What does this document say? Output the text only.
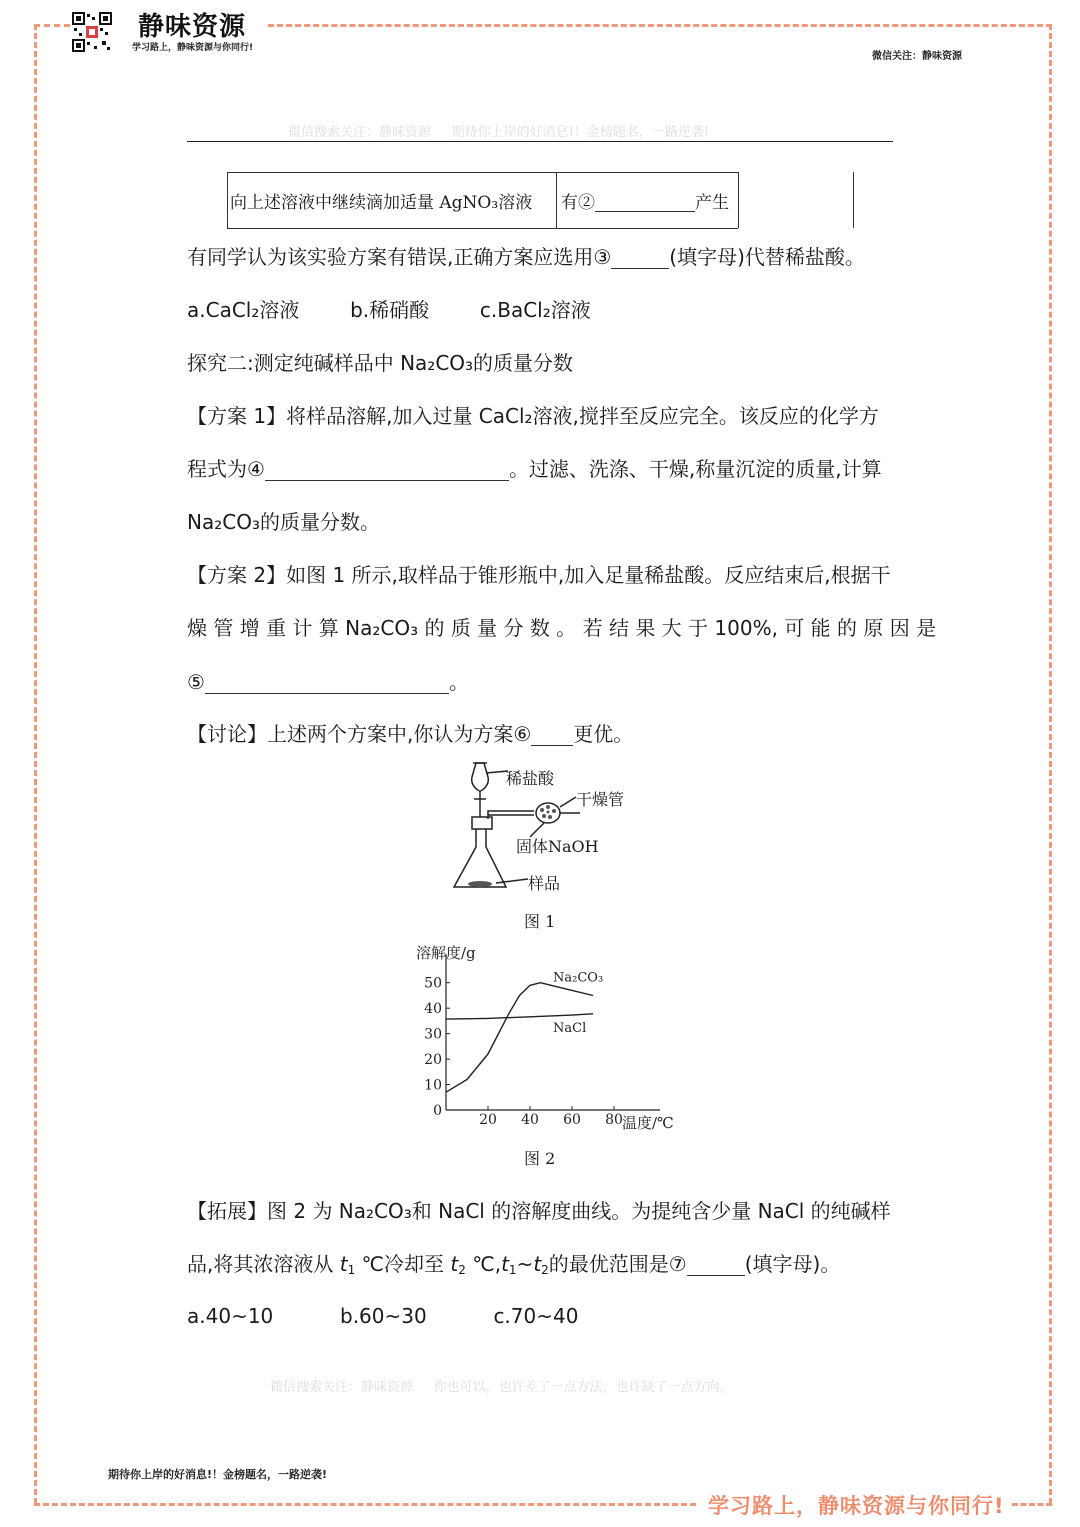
静味资源
学习路上，静味资源与你同行!
微信关注：静味资源
微信搜索关注：静味资源     期待你上岸的好消息!！金榜题名，一路逆袭!
向上述溶液中继续滴加适量 AgNO₃溶液	有②	产生
有同学认为该实验方案有错误,正确方案应选用③	(填字母)代替稀盐酸。
a.CaCl₂溶液	b.稀硝酸	c.BaCl₂溶液
探究二:测定纯碱样品中 Na₂CO₃的质量分数
【方案 1】将样品溶解,加入过量 CaCl₂溶液,搅拌至反应完全。该反应的化学方
程式为④	。过滤、洗涤、干燥,称量沉淀的质量,计算
Na₂CO₃的质量分数。
【方案 2】如图 1 所示,取样品于锥形瓶中,加入足量稀盐酸。反应结束后,根据干
燥 管 增 重 计 算 Na₂CO₃ 的 质 量 分 数 。 若 结 果 大 于 100%, 可 能 的 原 因 是
⑤	。
【讨论】上述两个方案中,你认为方案⑥ 更优。
稀盐酸
干燥管
固体NaOH
样品
图 1
0
10
20
30
40
50
20 40 60 80
溶解度/g
温度/℃
Na₂CO₃
NaCl
图 2
【拓展】图 2 为 Na₂CO₃和 NaCl 的溶解度曲线。为提纯含少量 NaCl 的纯碱样
品,将其浓溶液从 $t_1$ ℃冷却至 $t_2$ $℃,t_1\sim t_2$的最优范围是⑦	(填字母)。
a.40~10	b.60~30	c.70~40
微信搜索关注：静味资源     你也可以，也许差了一点方法，也许缺了一点方向。
期待你上岸的好消息!！金榜题名，一路逆袭!
学习路上，静味资源与你同行!
